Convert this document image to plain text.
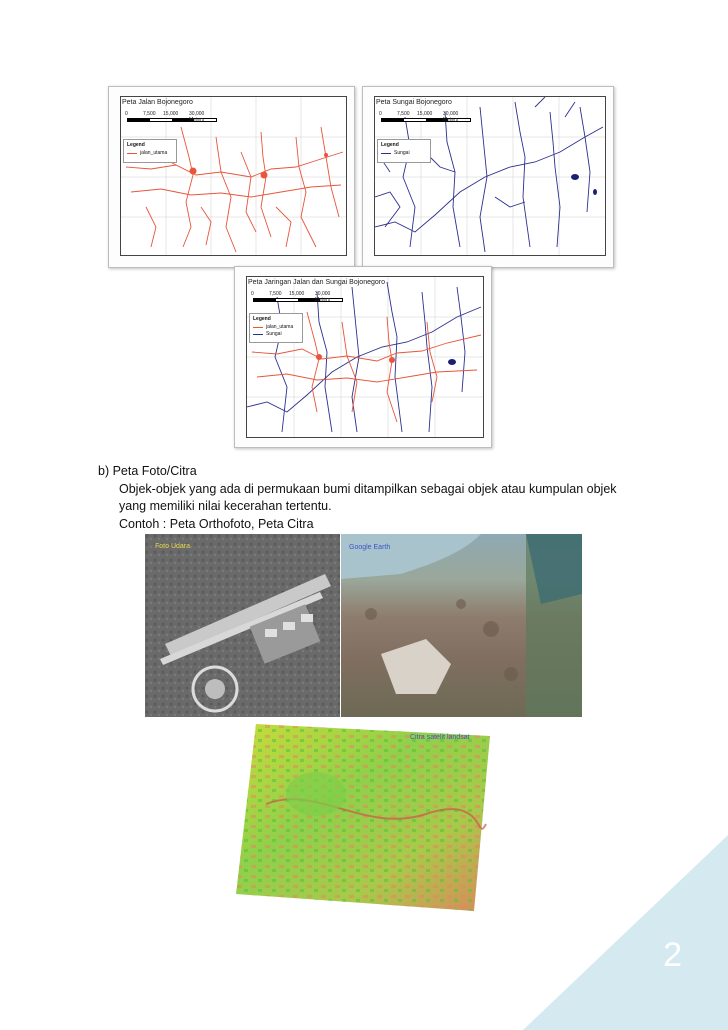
Peta Jalan Bojonegoro
0	7,500 15,000 30,000 Meters
Legend
jalan_utama
Peta Sungai Bojonegoro
0	7,500 15,000 30,000 Meters
Legend
Sungai
Peta Jaringan Jalan dan Sungai Bojonegoro
0	7,500 15,000 30,000 Meters
Legend
jalan_utama
Sungai
b) Peta Foto/Citra
Objek-objek yang ada di permukaan bumi ditampilkan sebagai objek atau kumpulan objek
yang memiliki nilai kecerahan tertentu.
Contoh : Peta Orthofoto, Peta Citra
Foto Udara	Google Earth
Citra satelit landsat
2
